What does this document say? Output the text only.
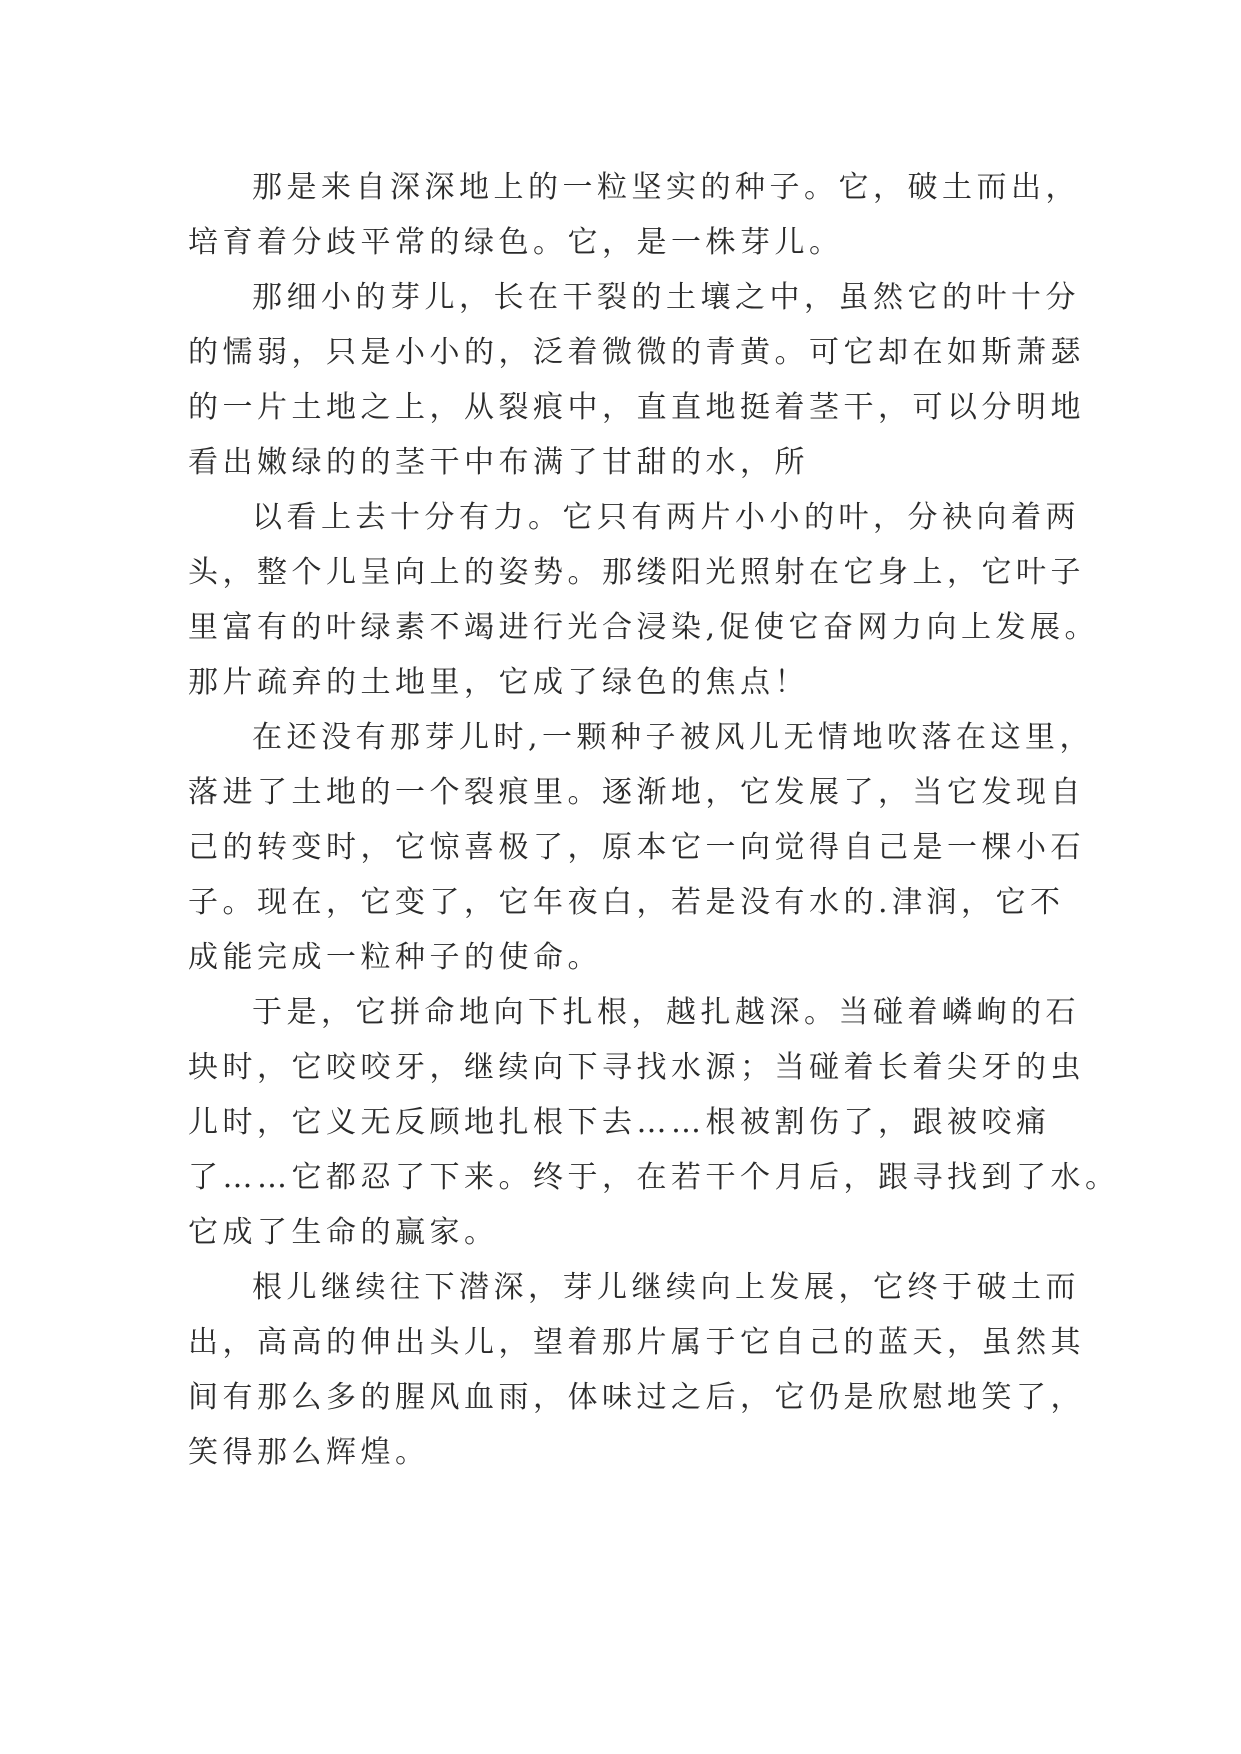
那是来自深深地上的一粒坚实的种子。它，破土而出，
培育着分歧平常的绿色。它，是一株芽儿。
那细小的芽儿，长在干裂的土壤之中，虽然它的叶十分
的懦弱，只是小小的，泛着微微的青黄。可它却在如斯萧瑟
的一片土地之上，从裂痕中，直直地挺着茎干，可以分明地
看出嫩绿的的茎干中布满了甘甜的水，所
以看上去十分有力。它只有两片小小的叶，分袂向着两
头，整个儿呈向上的姿势。那缕阳光照射在它身上，它叶子
里富有的叶绿素不竭进行光合浸染,促使它奋网力向上发展。
那片疏弃的土地里，它成了绿色的焦点！
在还没有那芽儿时,一颗种子被风儿无情地吹落在这里，
落进了土地的一个裂痕里。逐渐地，它发展了，当它发现自
己的转变时，它惊喜极了，原本它一向觉得自己是一棵小石
子。现在，它变了，它年夜白，若是没有水的.津润，它不
成能完成一粒种子的使命。
于是，它拼命地向下扎根，越扎越深。当碰着嶙峋的石
块时，它咬咬牙，继续向下寻找水源；当碰着长着尖牙的虫
儿时，它义无反顾地扎根下去……根被割伤了，跟被咬痛
了……它都忍了下来。终于，在若干个月后，跟寻找到了水。
它成了生命的赢家。
根儿继续往下潜深，芽儿继续向上发展，它终于破土而
出，高高的伸出头儿，望着那片属于它自己的蓝天，虽然其
间有那么多的腥风血雨，体味过之后，它仍是欣慰地笑了，
笑得那么辉煌。
